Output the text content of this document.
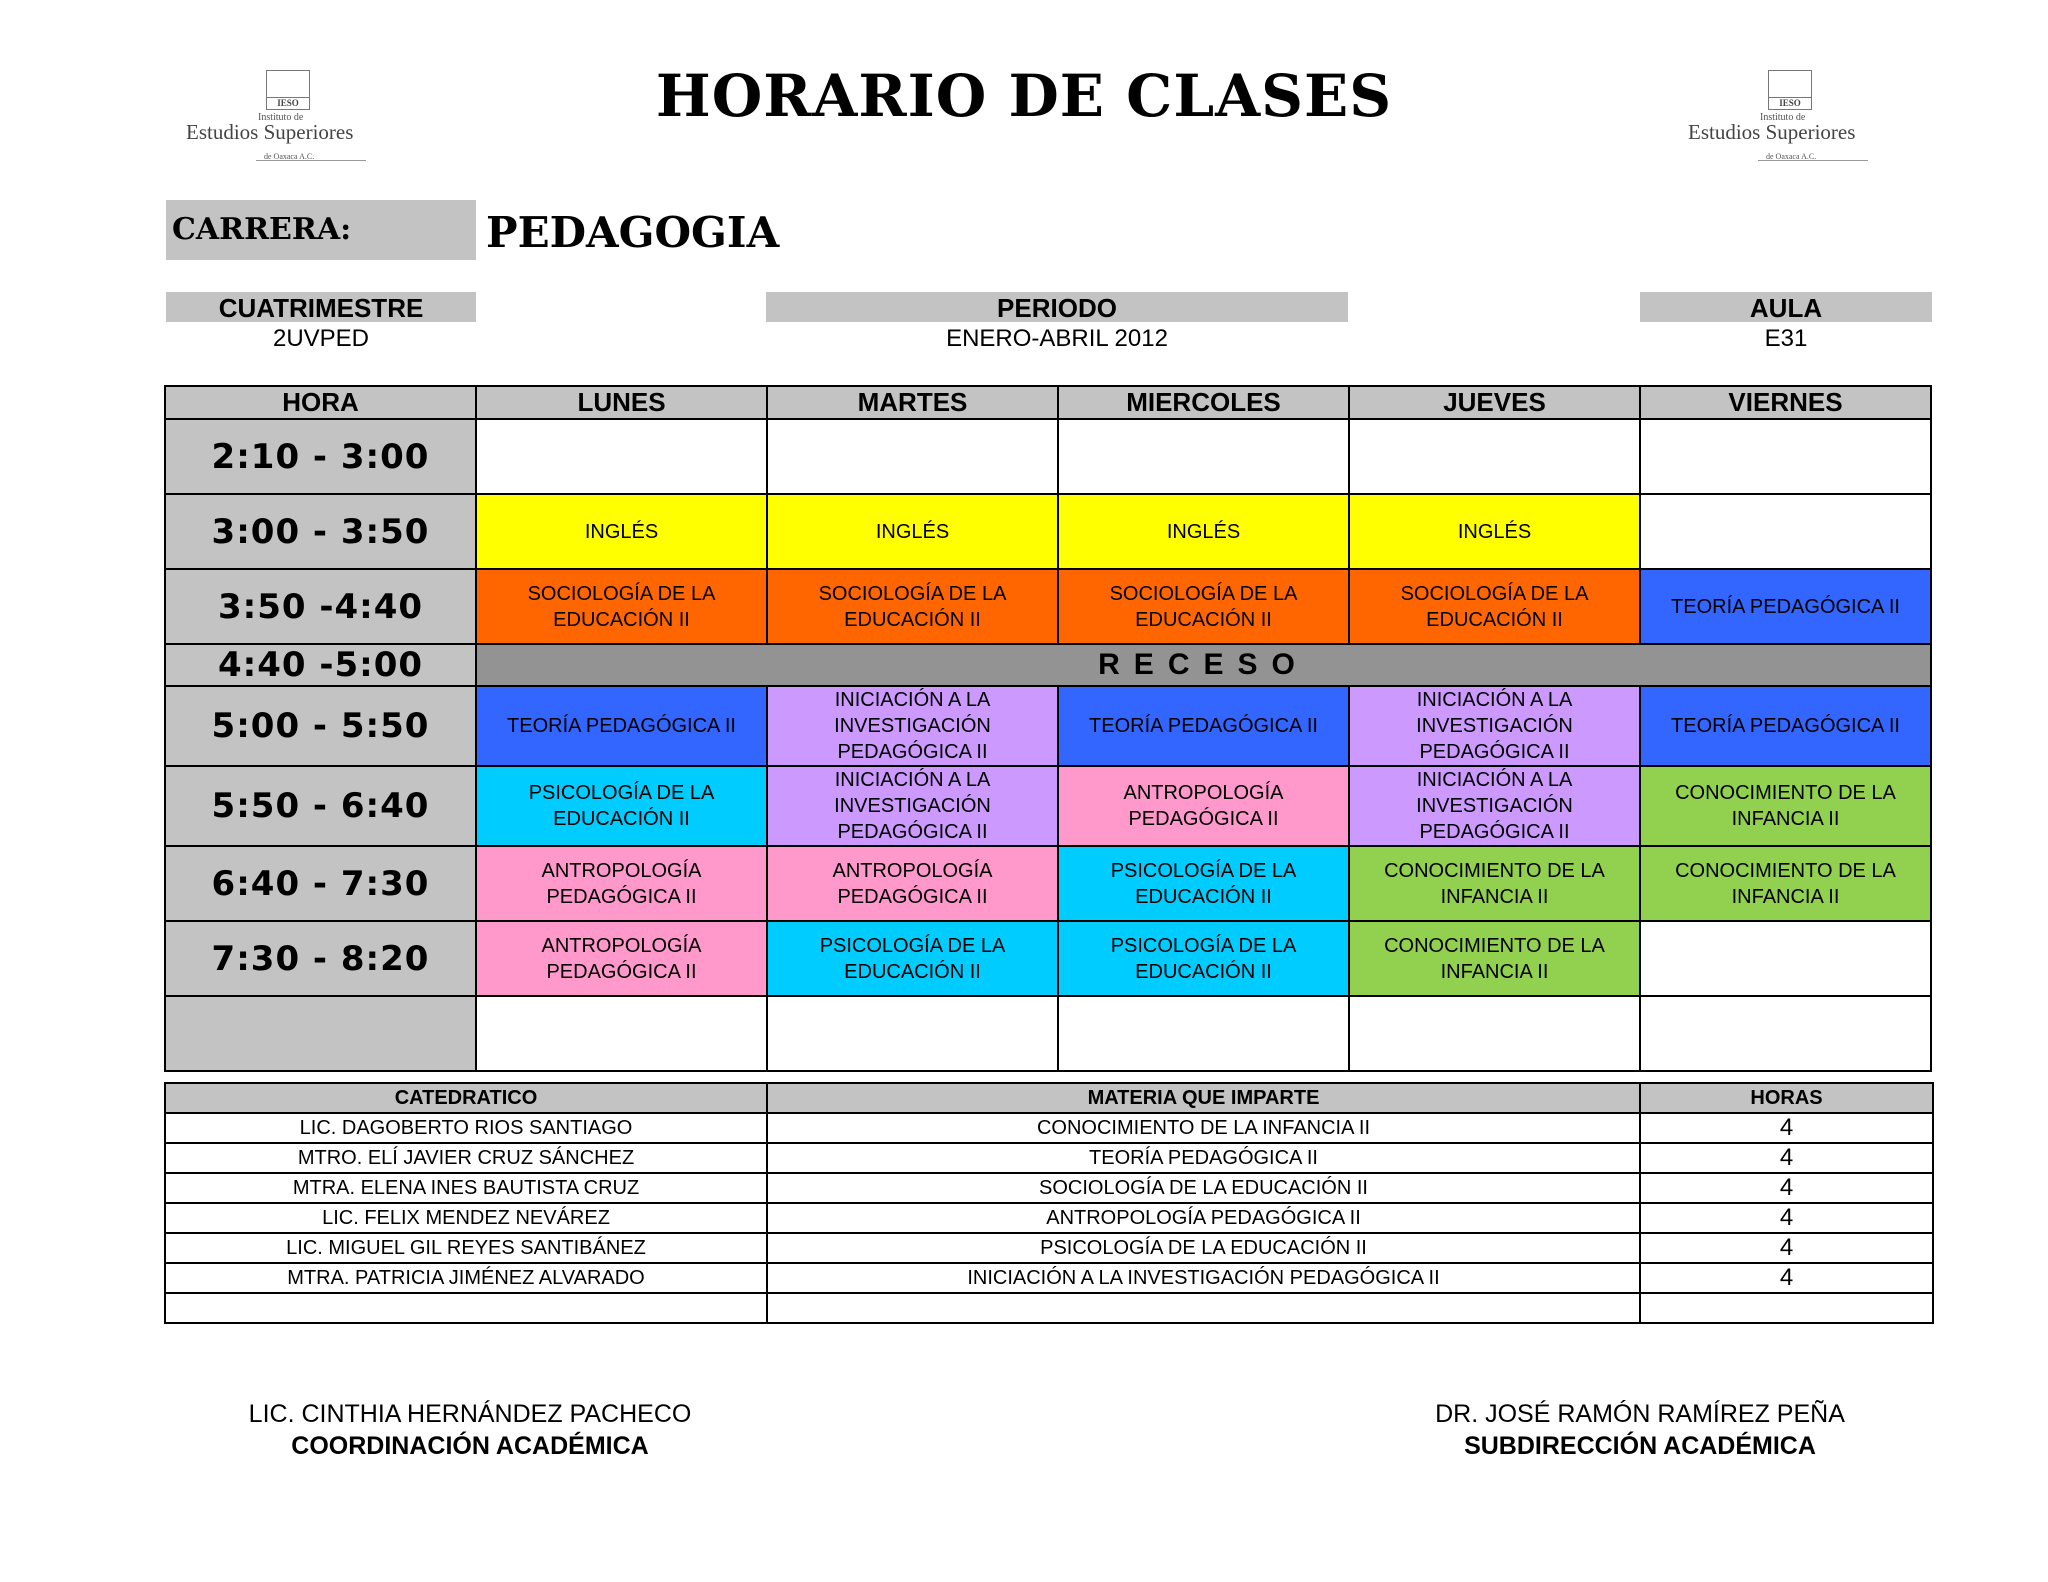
IESO
Instituto de
Estudios Superiores
de Oaxaca A.C.
IESO
Instituto de
Estudios Superiores
de Oaxaca A.C.
HORARIO DE CLASES
CARRERA:	PEDAGOGIA
CUATRIMESTRE
2UVPED
PERIODO
ENERO-ABRIL 2012
AULA
E31
HORA	LUNES	MARTES	MIERCOLES	JUEVES	VIERNES
2:10 - 3:00					
3:00 - 3:50	INGLÉS	INGLÉS	INGLÉS	INGLÉS	
3:50 -4:40	SOCIOLOGÍA DE LA EDUCACIÓN II	SOCIOLOGÍA DE LA EDUCACIÓN II	SOCIOLOGÍA DE LA EDUCACIÓN II	SOCIOLOGÍA DE LA EDUCACIÓN II	TEORÍA PEDAGÓGICA II
4:40 -5:00	RECESO				
5:00 - 5:50	TEORÍA PEDAGÓGICA II	INICIACIÓN A LA INVESTIGACIÓN PEDAGÓGICA II	TEORÍA PEDAGÓGICA II	INICIACIÓN A LA INVESTIGACIÓN PEDAGÓGICA II	TEORÍA PEDAGÓGICA II
5:50 - 6:40	PSICOLOGÍA DE LA EDUCACIÓN II	INICIACIÓN A LA INVESTIGACIÓN PEDAGÓGICA II	ANTROPOLOGÍA PEDAGÓGICA II	INICIACIÓN A LA INVESTIGACIÓN PEDAGÓGICA II	CONOCIMIENTO DE LA INFANCIA II
6:40 - 7:30	ANTROPOLOGÍA PEDAGÓGICA II	ANTROPOLOGÍA PEDAGÓGICA II	PSICOLOGÍA DE LA EDUCACIÓN II	CONOCIMIENTO DE LA INFANCIA II	CONOCIMIENTO DE LA INFANCIA II
7:30 - 8:20	ANTROPOLOGÍA PEDAGÓGICA II	PSICOLOGÍA DE LA EDUCACIÓN II	PSICOLOGÍA DE LA EDUCACIÓN II	CONOCIMIENTO DE LA INFANCIA II	

CATEDRATICO	MATERIA QUE IMPARTE	HORAS
LIC. DAGOBERTO RIOS SANTIAGO	CONOCIMIENTO DE LA INFANCIA II	4
MTRO. ELÍ JAVIER CRUZ SÁNCHEZ	TEORÍA PEDAGÓGICA II	4
MTRA. ELENA INES BAUTISTA CRUZ	SOCIOLOGÍA DE LA EDUCACIÓN II	4
LIC. FELIX MENDEZ NEVÁREZ	ANTROPOLOGÍA PEDAGÓGICA II	4
LIC. MIGUEL GIL REYES SANTIBÁNEZ	PSICOLOGÍA DE LA EDUCACIÓN II	4
MTRA. PATRICIA JIMÉNEZ ALVARADO	INICIACIÓN A LA INVESTIGACIÓN PEDAGÓGICA II	4

LIC. CINTHIA HERNÁNDEZ PACHECO
COORDINACIÓN ACADÉMICA
DR. JOSÉ RAMÓN RAMÍREZ PEÑA
SUBDIRECCIÓN ACADÉMICA
